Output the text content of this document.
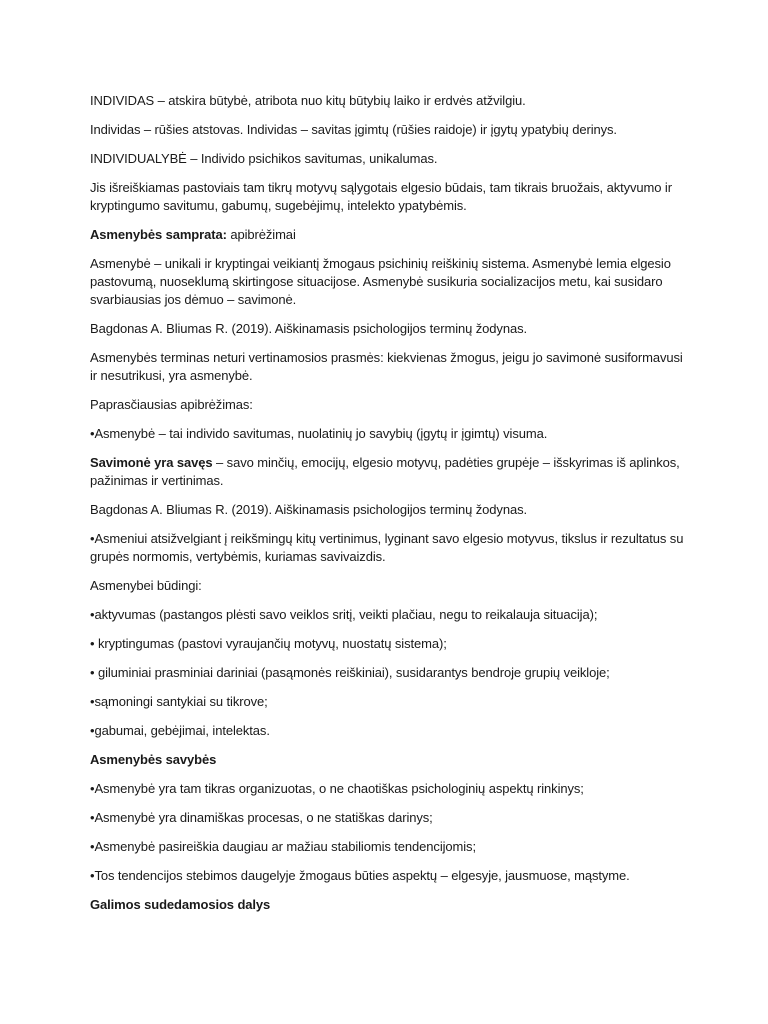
INDIVIDAS – atskira būtybė, atribota nuo kitų būtybių laiko ir erdvės atžvilgiu.

Individas – rūšies atstovas. Individas – savitas įgimtų (rūšies raidoje) ir įgytų ypatybių derinys.

INDIVIDUALYBĖ – Individo psichikos savitumas, unikalumas.

Jis išreiškiamas pastoviais tam tikrų motyvų sąlygotais elgesio būdais, tam tikrais bruožais, aktyvumo ir kryptingumo savitumu, gabumų, sugebėjimų, intelekto ypatybėmis.

Asmenybės samprata: apibrėžimai

Asmenybė – unikali ir kryptingai veikiantį žmogaus psichinių reiškinių sistema. Asmenybė lemia elgesio pastovumą, nuoseklumą skirtingose situacijose. Asmenybė susikuria socializacijos metu, kai susidaro svarbiausias jos dėmuo – savimonė.

Bagdonas A. Bliumas R. (2019). Aiškinamasis psichologijos terminų žodynas.

Asmenybės terminas neturi vertinamosios prasmės: kiekvienas žmogus, jeigu jo savimonė susiformavusi ir nesutrikusi, yra asmenybė.

Paprasčiausias apibrėžimas:

•Asmenybė – tai individo savitumas, nuolatinių jo savybių (įgytų ir įgimtų) visuma.

Savimonė yra savęs – savo minčių, emocijų, elgesio motyvų, padėties grupėje – išskyrimas iš aplinkos, pažinimas ir vertinimas.

Bagdonas A. Bliumas R. (2019). Aiškinamasis psichologijos terminų žodynas.

•Asmeniui atsižvelgiant į reikšmingų kitų vertinimus, lyginant savo elgesio motyvus, tikslus ir rezultatus su grupės normomis, vertybėmis, kuriamas savivaizdis.

Asmenybei būdingi:

•aktyvumas (pastangos plėsti savo veiklos sritį, veikti plačiau, negu to reikalauja situacija);

• kryptingumas (pastovi vyraujančių motyvų, nuostatų sistema);

• giluminiai prasminiai dariniai (pasąmonės reiškiniai), susidarantys bendroje grupių veikloje;

•sąmoningi santykiai su tikrove;

•gabumai, gebėjimai, intelektas.

Asmenybės savybės

•Asmenybė yra tam tikras organizuotas, o ne chaotiškas psichologinių aspektų rinkinys;

•Asmenybė yra dinamiškas procesas, o ne statiškas darinys;

•Asmenybė pasireiškia daugiau ar mažiau stabiliomis tendencijomis;

•Tos tendencijos stebimos daugelyje žmogaus būties aspektų – elgesyje, jausmuose, mąstyme.

Galimos sudedamosios dalys
